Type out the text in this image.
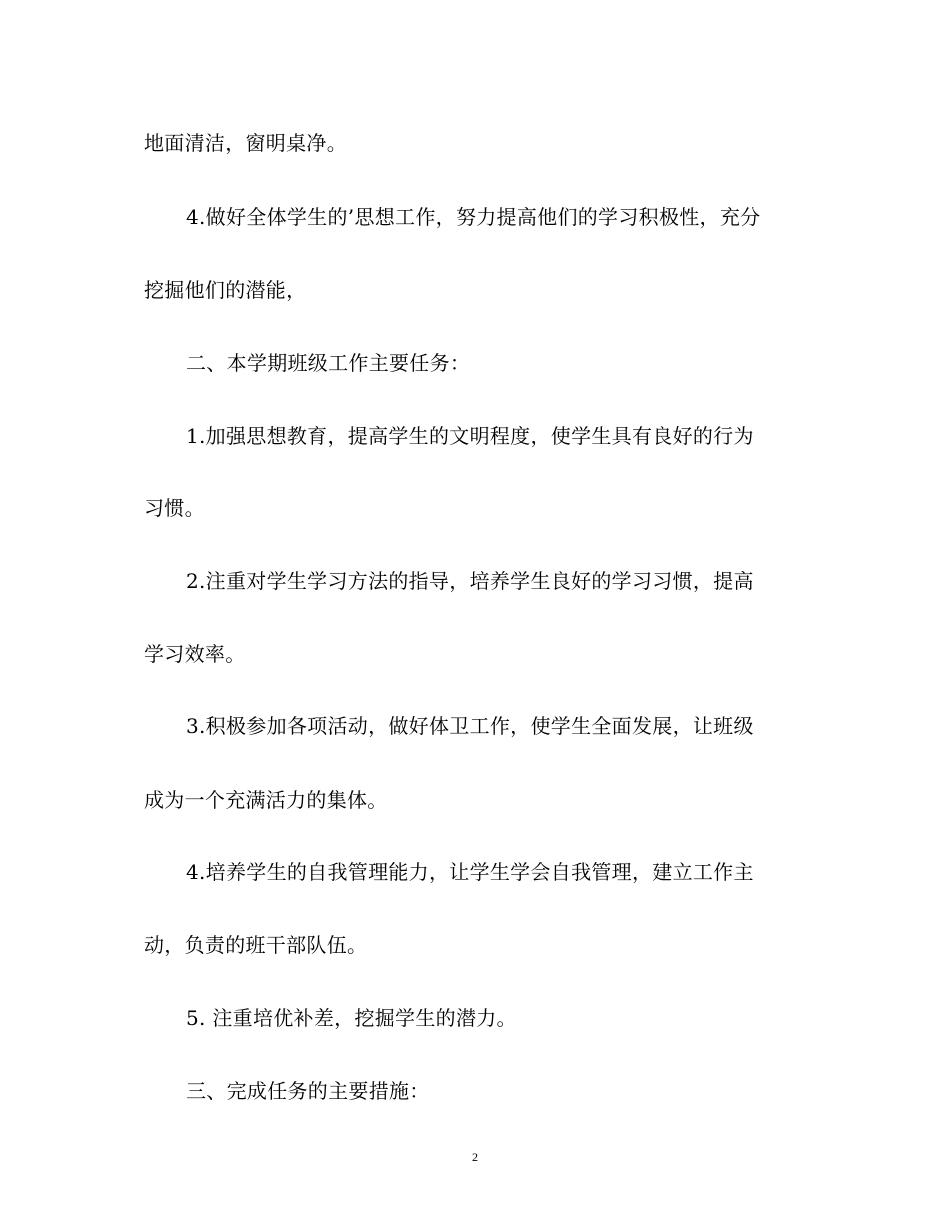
地面清洁，窗明桌净。
4.做好全体学生的’思想工作，努力提高他们的学习积极性，充分
挖掘他们的潜能，
二、本学期班级工作主要任务：
1.加强思想教育，提高学生的文明程度，使学生具有良好的行为
习惯。
2.注重对学生学习方法的指导，培养学生良好的学习习惯，提高
学习效率。
3.积极参加各项活动，做好体卫工作，使学生全面发展，让班级
成为一个充满活力的集体。
4.培养学生的自我管理能力，让学生学会自我管理，建立工作主
动，负责的班干部队伍。
5. 注重培优补差，挖掘学生的潜力。
三、完成任务的主要措施：
2
